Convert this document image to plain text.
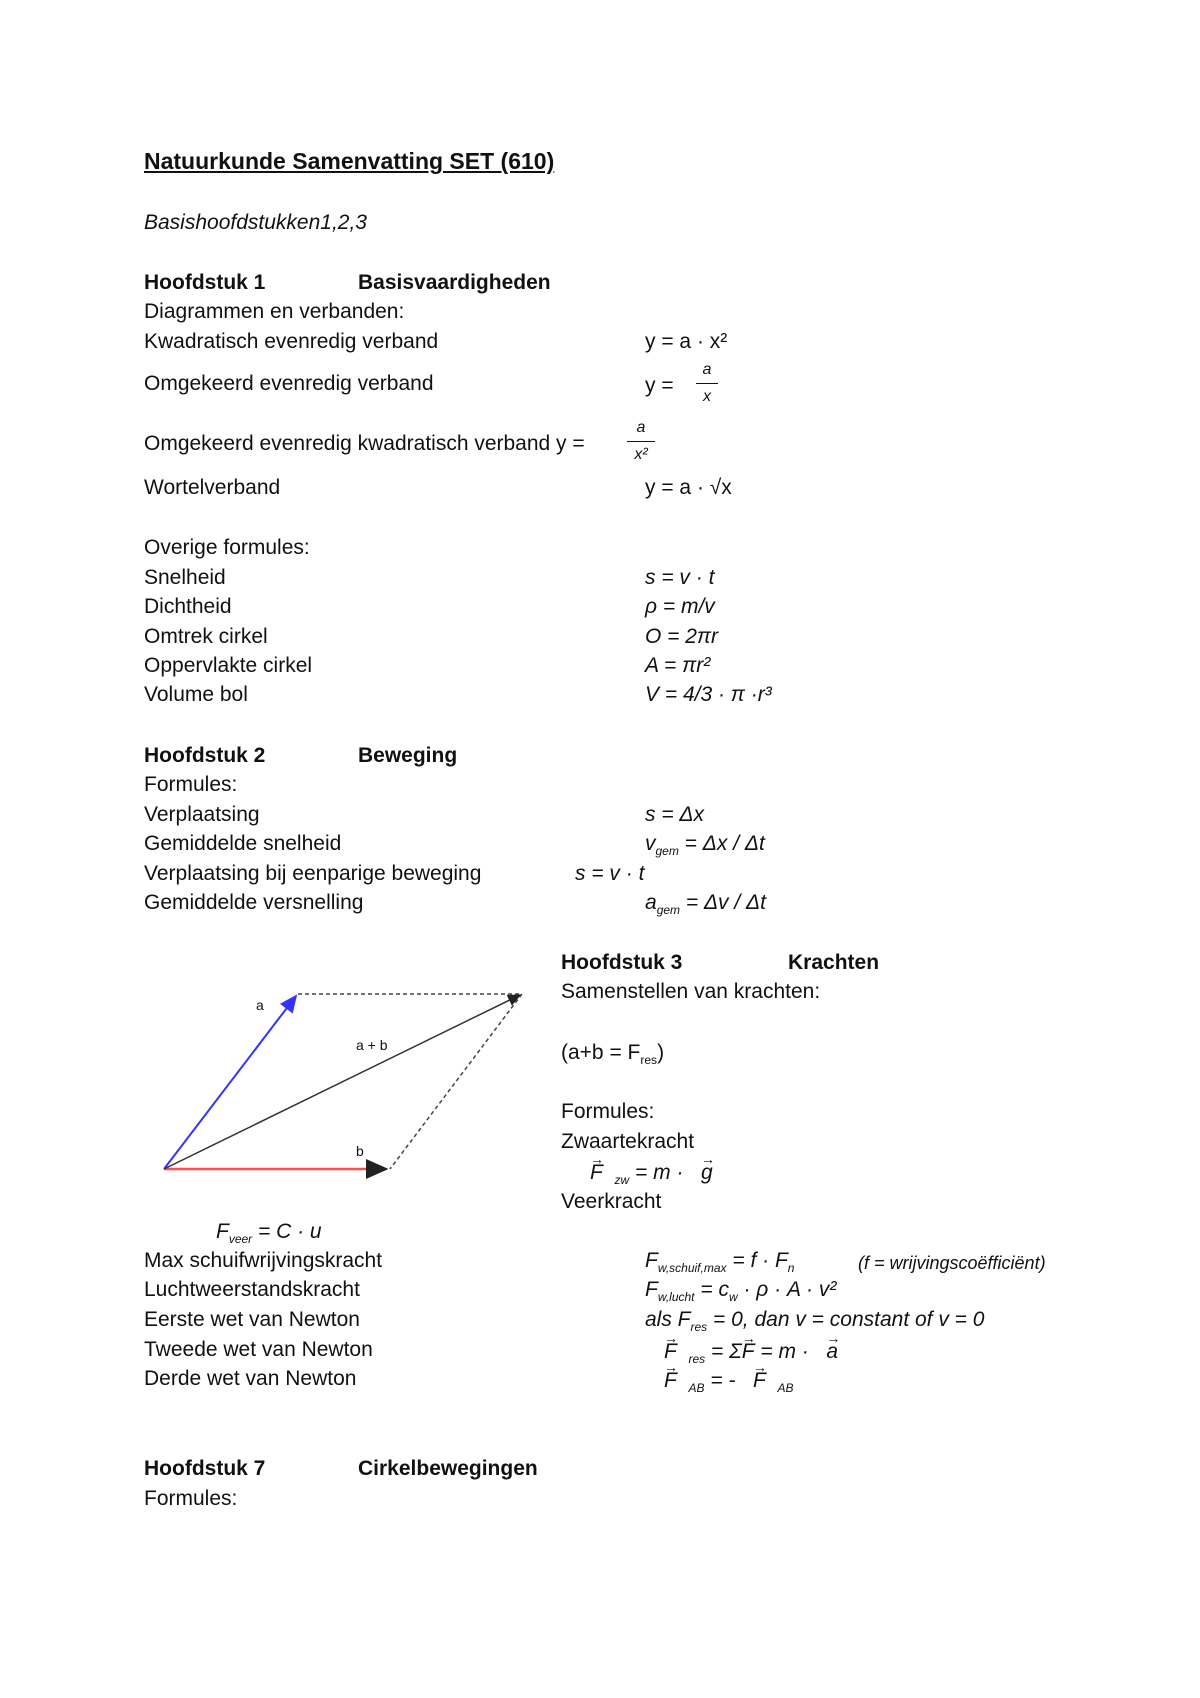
Natuurkunde Samenvatting SET (610)
Basishoofdstukken1,2,3
Hoofdstuk 1	Basisvaardigheden
Diagrammen en verbanden:
Kwadratisch evenredig verband	y = a · x²
Omgekeerd evenredig verband	y =
a
x
Omgekeerd evenredig kwadratisch verband y =
a
x²
Wortelverband	y = a · √x
Overige formules:
Snelheid	s = v · t
Dichtheid	ρ = m/v
Omtrek cirkel	O = 2πr
Oppervlakte cirkel	A = πr²
Volume bol	V = 4/3 · π ·r³
Hoofdstuk 2	Beweging
Formules:
Verplaatsing	s = Δx
Gemiddelde snelheid	$v_{gem} = \Delta x / \Delta t$
Verplaatsing bij eenparige beweging	s = v · t
Gemiddelde versnelling	$a_{gem} = \Delta v / \Delta t$
a
a + b
b
Hoofdstuk 3	Krachten
Samenstellen van krachten:
$(a+b = F_{res})$
Formules:
Zwaartekracht
→ F $_{zw}$ = m · → g
Veerkracht
$F_{veer} = C \cdot u$
Max schuifwrijvingskracht	$F_{w,schuif,max} = f \cdot F_n$	(f = wrijvingscoëfficiënt)
Luchtweerstandskracht	$F_{w,lucht} = c_w \cdot \rho \cdot A \cdot v^2$
Eerste wet van Newton	als $F_{res} = 0$, dan v = constant of v = 0
Tweede wet van Newton	→ F $_{res}$ = Σ→ F = m · → a
Derde wet van Newton	→ F $_{AB}$ = - → F $_{AB}$
Hoofdstuk 7	Cirkelbewegingen
Formules:
